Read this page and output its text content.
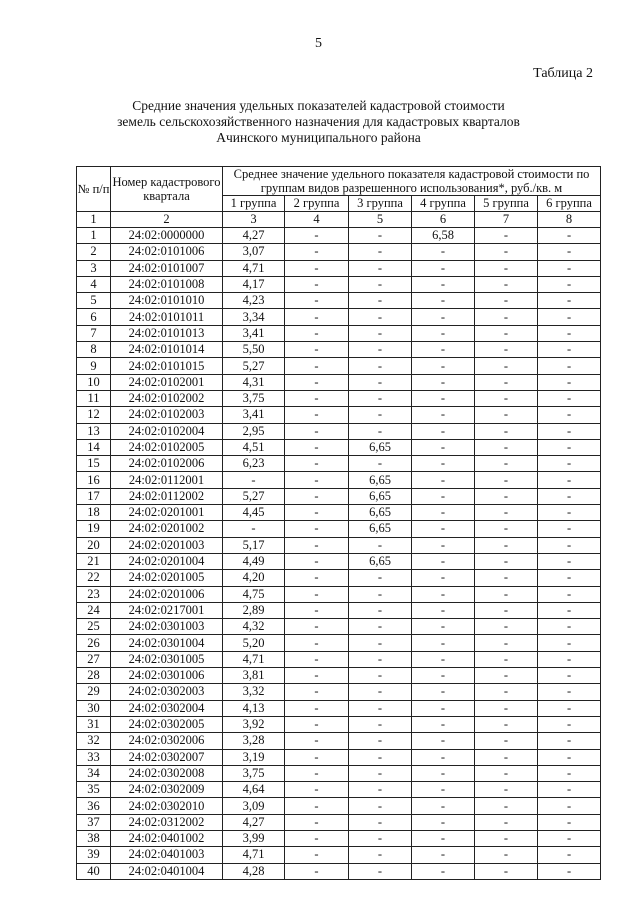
5
Таблица 2
Средние значения удельных показателей кадастровой стоимости
земель сельскохозяйственного назначения для кадастровых кварталов
Ачинского муниципального района
№ п/п	Номер кадастрового квартала	Среднее значение удельного показателя кадастровой стоимости по группам видов разрешенного использования*, руб./кв. м					
		1 группа	2 группа	3 группа	4 группа	5 группа	6 группа
1	2	3	4	5	6	7	8
1	24:02:0000000	4,27	-	-	6,58	-	-
2	24:02:0101006	3,07	-	-	-	-	-
3	24:02:0101007	4,71	-	-	-	-	-
4	24:02:0101008	4,17	-	-	-	-	-
5	24:02:0101010	4,23	-	-	-	-	-
6	24:02:0101011	3,34	-	-	-	-	-
7	24:02:0101013	3,41	-	-	-	-	-
8	24:02:0101014	5,50	-	-	-	-	-
9	24:02:0101015	5,27	-	-	-	-	-
10	24:02:0102001	4,31	-	-	-	-	-
11	24:02:0102002	3,75	-	-	-	-	-
12	24:02:0102003	3,41	-	-	-	-	-
13	24:02:0102004	2,95	-	-	-	-	-
14	24:02:0102005	4,51	-	6,65	-	-	-
15	24:02:0102006	6,23	-	-	-	-	-
16	24:02:0112001	-	-	6,65	-	-	-
17	24:02:0112002	5,27	-	6,65	-	-	-
18	24:02:0201001	4,45	-	6,65	-	-	-
19	24:02:0201002	-	-	6,65	-	-	-
20	24:02:0201003	5,17	-	-	-	-	-
21	24:02:0201004	4,49	-	6,65	-	-	-
22	24:02:0201005	4,20	-	-	-	-	-
23	24:02:0201006	4,75	-	-	-	-	-
24	24:02:0217001	2,89	-	-	-	-	-
25	24:02:0301003	4,32	-	-	-	-	-
26	24:02:0301004	5,20	-	-	-	-	-
27	24:02:0301005	4,71	-	-	-	-	-
28	24:02:0301006	3,81	-	-	-	-	-
29	24:02:0302003	3,32	-	-	-	-	-
30	24:02:0302004	4,13	-	-	-	-	-
31	24:02:0302005	3,92	-	-	-	-	-
32	24:02:0302006	3,28	-	-	-	-	-
33	24:02:0302007	3,19	-	-	-	-	-
34	24:02:0302008	3,75	-	-	-	-	-
35	24:02:0302009	4,64	-	-	-	-	-
36	24:02:0302010	3,09	-	-	-	-	-
37	24:02:0312002	4,27	-	-	-	-	-
38	24:02:0401002	3,99	-	-	-	-	-
39	24:02:0401003	4,71	-	-	-	-	-
40	24:02:0401004	4,28	-	-	-	-	-
